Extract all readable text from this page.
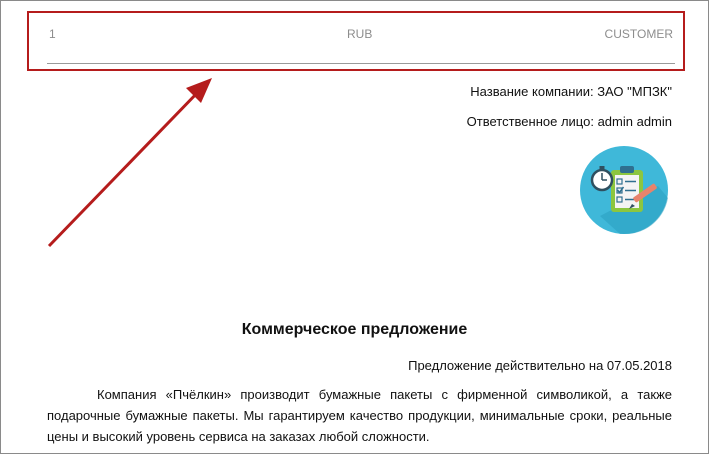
1	RUB	CUSTOMER
Название компании: ЗАО "МПЗК"
Ответственное лицо: admin admin
Коммерческое предложение
Предложение действительно на 07.05.2018
Компания «Пчёлкин» производит бумажные пакеты с фирменной символикой, а также подарочные бумажные пакеты. Мы гарантируем качество продукции, минимальные сроки, реальные цены и высокий уровень сервиса на заказах любой сложности.
